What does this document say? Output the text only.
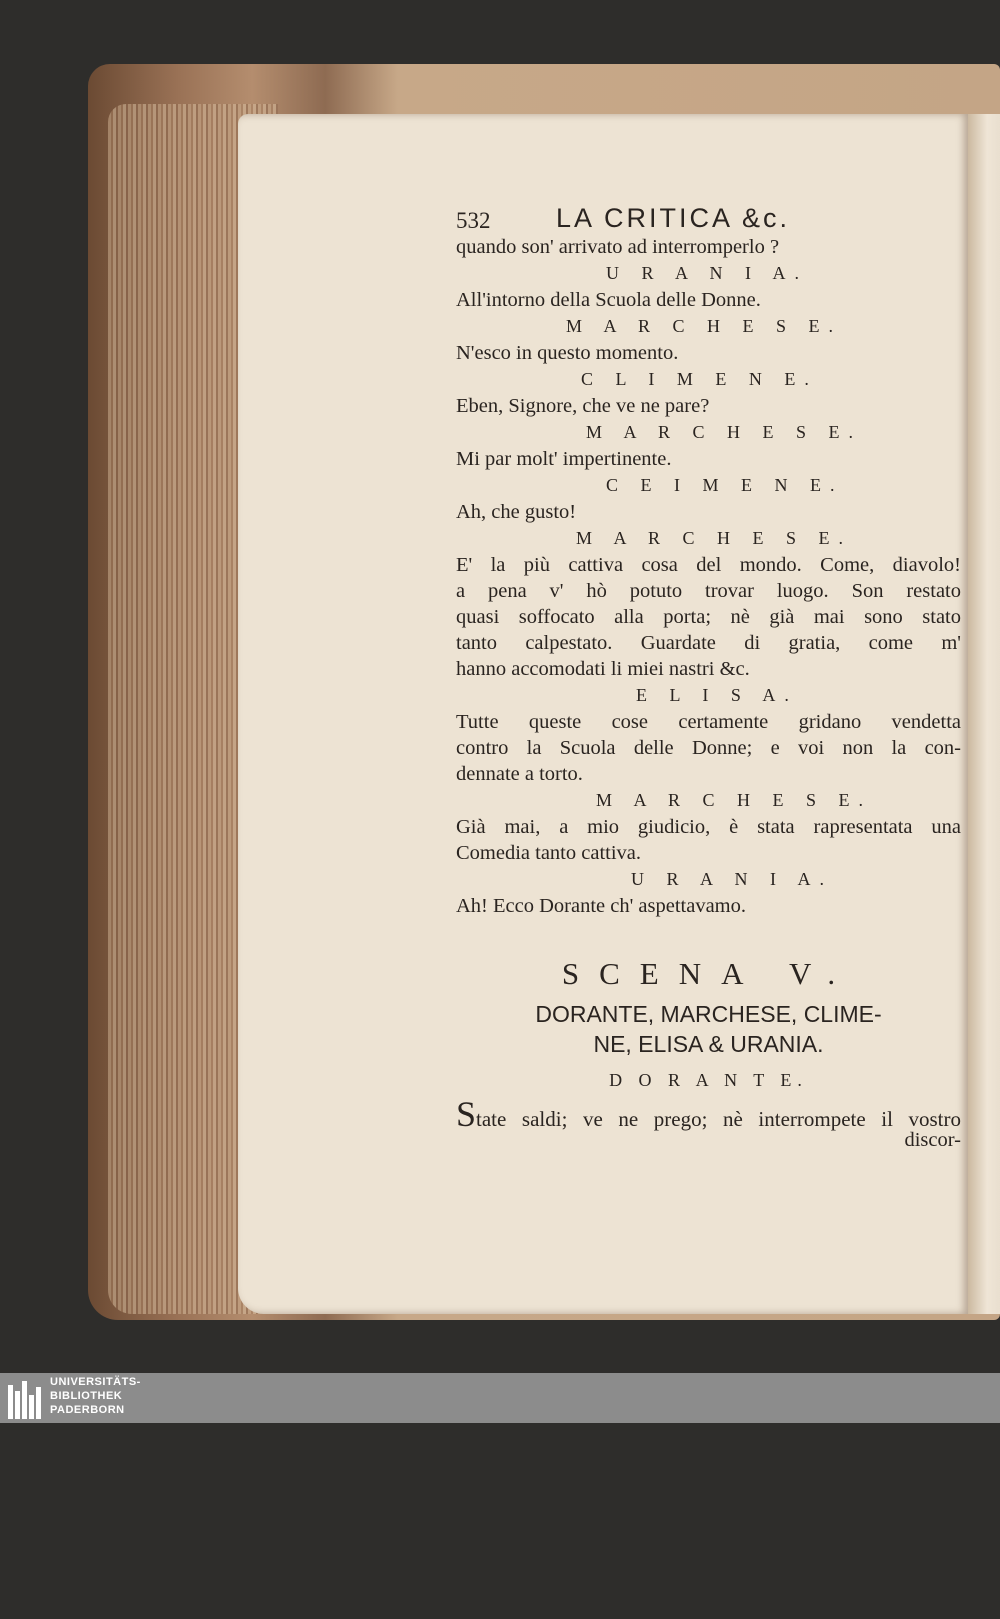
532	LA CRITICA &c.
quando son' arrivato ad interromperlo ?
U R A N I A.
All'intorno della Scuola delle Donne.
M A R C H E S E.
N'esco in questo momento.
C L I M E N E.
Eben, Signore, che ve ne pare?
M A R C H E S E.
Mi par molt' impertinente.
C E I M E N E.
Ah, che gusto!
M A R C H E S E.
E' la più cattiva cosa del mondo. Come, diavolo!
a pena v' hò potuto trovar luogo. Son restato
quasi soffocato alla porta; nè già mai sono stato
tanto calpestato. Guardate di gratia, come m'
hanno accomodati li miei nastri &c.
E L I S A.
Tutte queste cose certamente gridano vendetta
contro la Scuola delle Donne; e voi non la con-
dennate a torto.
M A R C H E S E.
Già mai, a mio giudicio, è stata rapresentata una
Comedia tanto cattiva.
U R A N I A.
Ah! Ecco Dorante ch' aspettavamo.
SCENA V.
DORANTE, MARCHESE, CLIME-
NE, ELISA & URANIA.
D O R A N T E.
State saldi; ve ne prego; nè interrompete il vostro
discor-
UNIVERSITÄTS-
BIBLIOTHEK
PADERBORN
